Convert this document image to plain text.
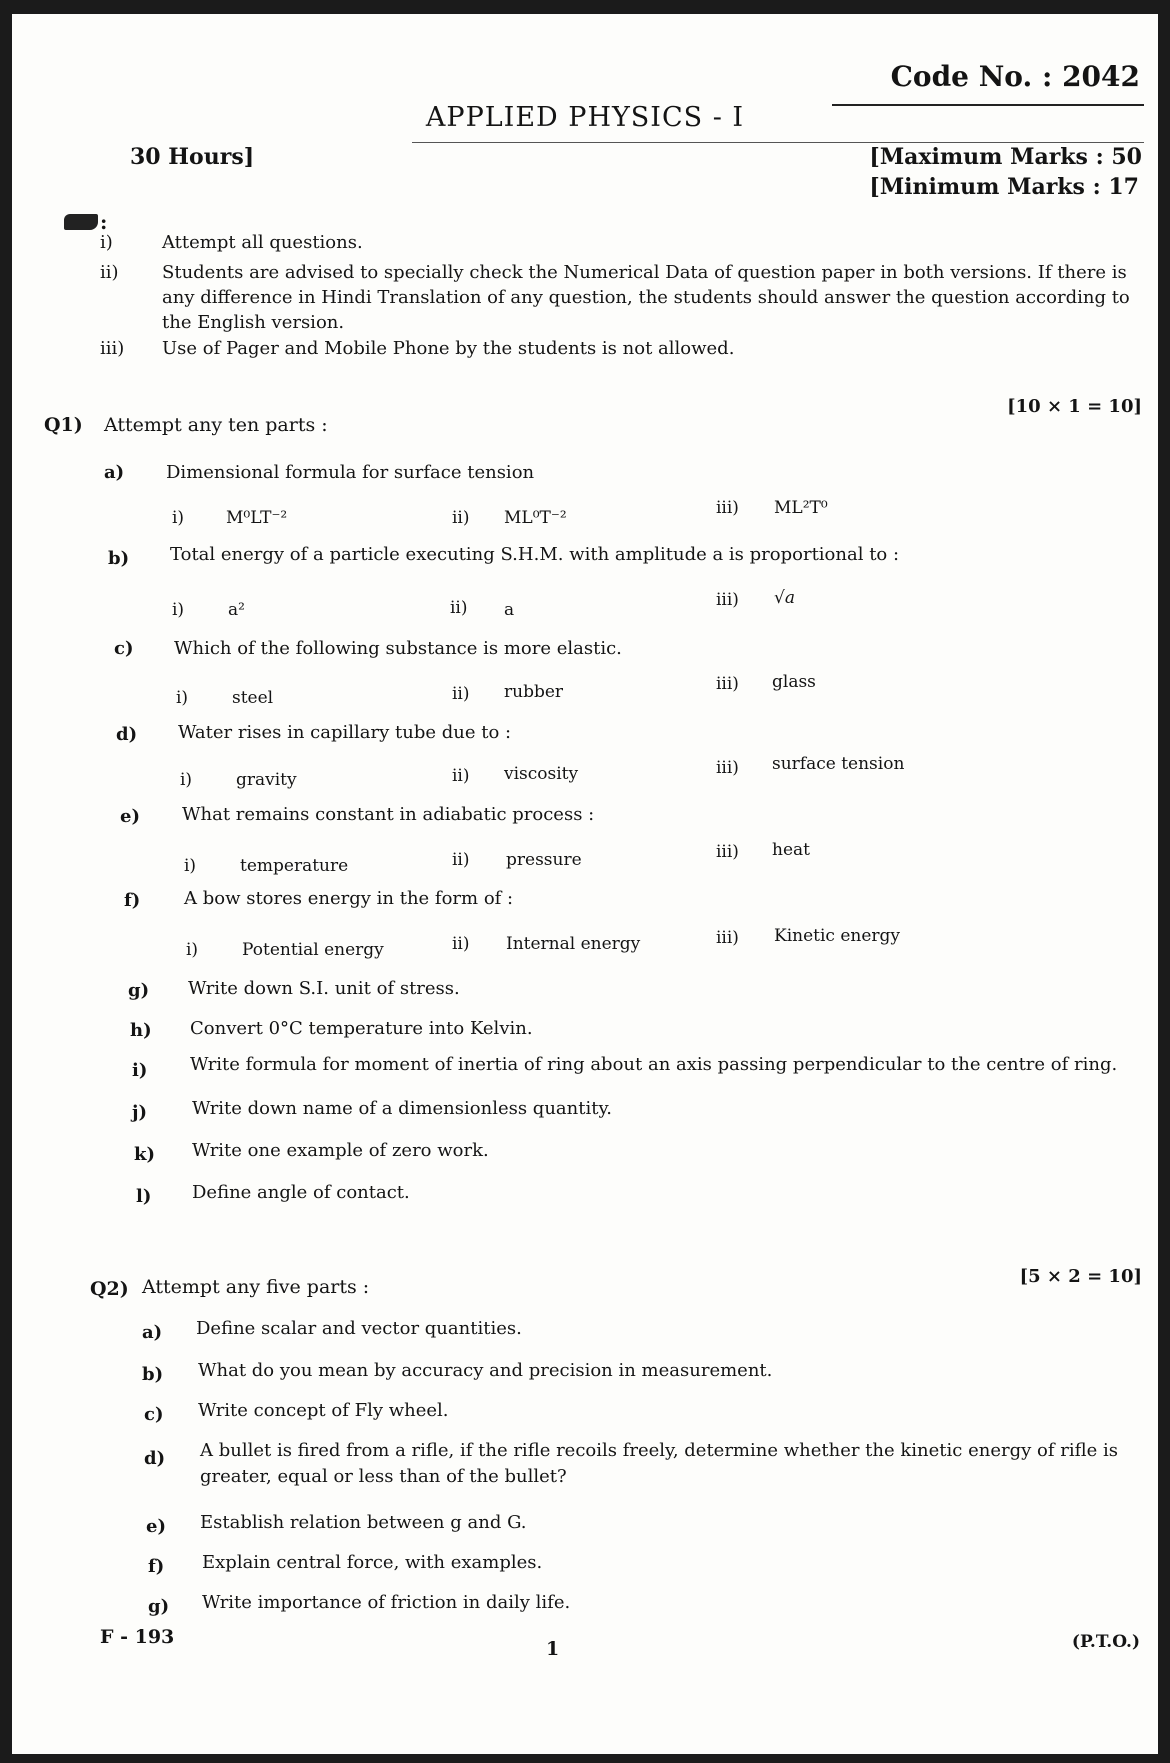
Code No. : 2042
APPLIED PHYSICS - I
30 Hours]	[Maximum Marks : 50
[Minimum Marks : 17
:
i)	Attempt all questions.
ii) Students are advised to specially check the Numerical Data of question paper in both versions. If there is any difference in Hindi Translation of any question, the students should answer the question according to the English version.
iii) Use of Pager and Mobile Phone by the students is not allowed.
Q1) Attempt any ten parts :
[10 × 1 = 10]
a) Dimensional formula for surface tension
i) M⁰LT⁻²	ii) ML⁰T⁻²	iii) ML²T⁰
b) Total energy of a particle executing S.H.M. with amplitude a is proportional to :
i)	a²	ii) a	iii) √a
c) Which of the following substance is more elastic.
i)	steel	ii) rubber	iii) glass
d) Water rises in capillary tube due to :
i)	gravity	ii) viscosity	iii) surface tension
e) What remains constant in adiabatic process :
i)	temperature	ii) pressure	iii) heat
f) A bow stores energy in the form of :
i)	Potential energy	ii) Internal energy	iii) Kinetic energy
g) Write down S.I. unit of stress.
h) Convert 0°C temperature into Kelvin.
i) Write formula for moment of inertia of ring about an axis passing perpendicular to the centre of ring.
j) Write down name of a dimensionless quantity.
k) Write one example of zero work.
l) Define angle of contact.
Q2) Attempt any five parts :	[5 × 2 = 10]
a) Define scalar and vector quantities.
b) What do you mean by accuracy and precision in measurement.
c) Write concept of Fly wheel.
d) A bullet is fired from a rifle, if the rifle recoils freely, determine whether the kinetic energy of rifle is greater, equal or less than of the bullet?
e) Establish relation between g and G.
f) Explain central force, with examples.
g) Write importance of friction in daily life.
F - 193
1	(P.T.O.)
